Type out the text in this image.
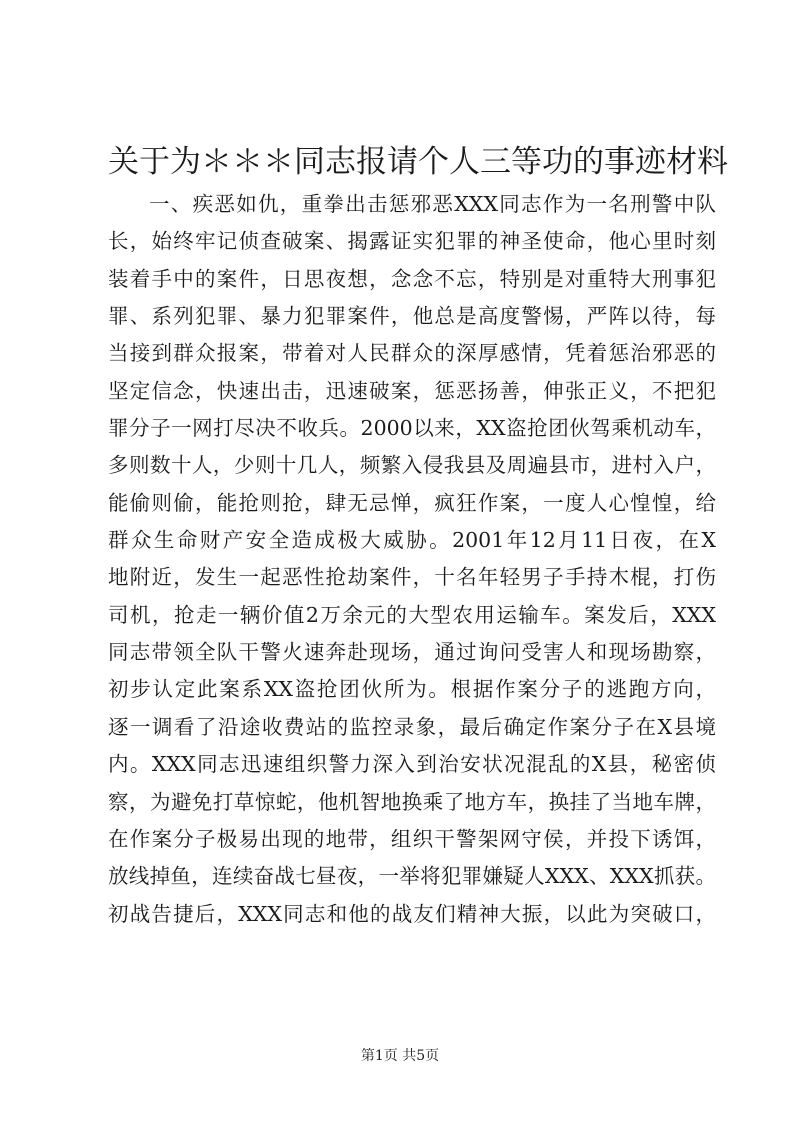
关于为＊＊＊同志报请个人三等功的事迹材料
一、疾恶如仇，重拳出击惩邪恶XXX同志作为一名刑警中队
长，始终牢记侦查破案、揭露证实犯罪的神圣使命，他心里时刻
装着手中的案件，日思夜想，念念不忘，特别是对重特大刑事犯
罪、系列犯罪、暴力犯罪案件，他总是高度警惕，严阵以待，每
当接到群众报案，带着对人民群众的深厚感情，凭着惩治邪恶的
坚定信念，快速出击，迅速破案，惩恶扬善，伸张正义，不把犯
罪分子一网打尽决不收兵。2000以来，XX盗抢团伙驾乘机动车，
多则数十人，少则十几人，频繁入侵我县及周遍县市，进村入户，
能偷则偷，能抢则抢，肆无忌惮，疯狂作案，一度人心惶惶，给
群众生命财产安全造成极大威胁。2001年12月11日夜，在X
地附近，发生一起恶性抢劫案件，十名年轻男子手持木棍，打伤
司机，抢走一辆价值2万余元的大型农用运输车。案发后，XXX
同志带领全队干警火速奔赴现场，通过询问受害人和现场勘察，
初步认定此案系XX盗抢团伙所为。根据作案分子的逃跑方向，
逐一调看了沿途收费站的监控录象，最后确定作案分子在X县境
内。XXX同志迅速组织警力深入到治安状况混乱的X县，秘密侦
察，为避免打草惊蛇，他机智地换乘了地方车，换挂了当地车牌，
在作案分子极易出现的地带，组织干警架网守侯，并投下诱饵，
放线掉鱼，连续奋战七昼夜，一举将犯罪嫌疑人XXX、XXX抓获。
初战告捷后，XXX同志和他的战友们精神大振，以此为突破口，
第1页 共5页
